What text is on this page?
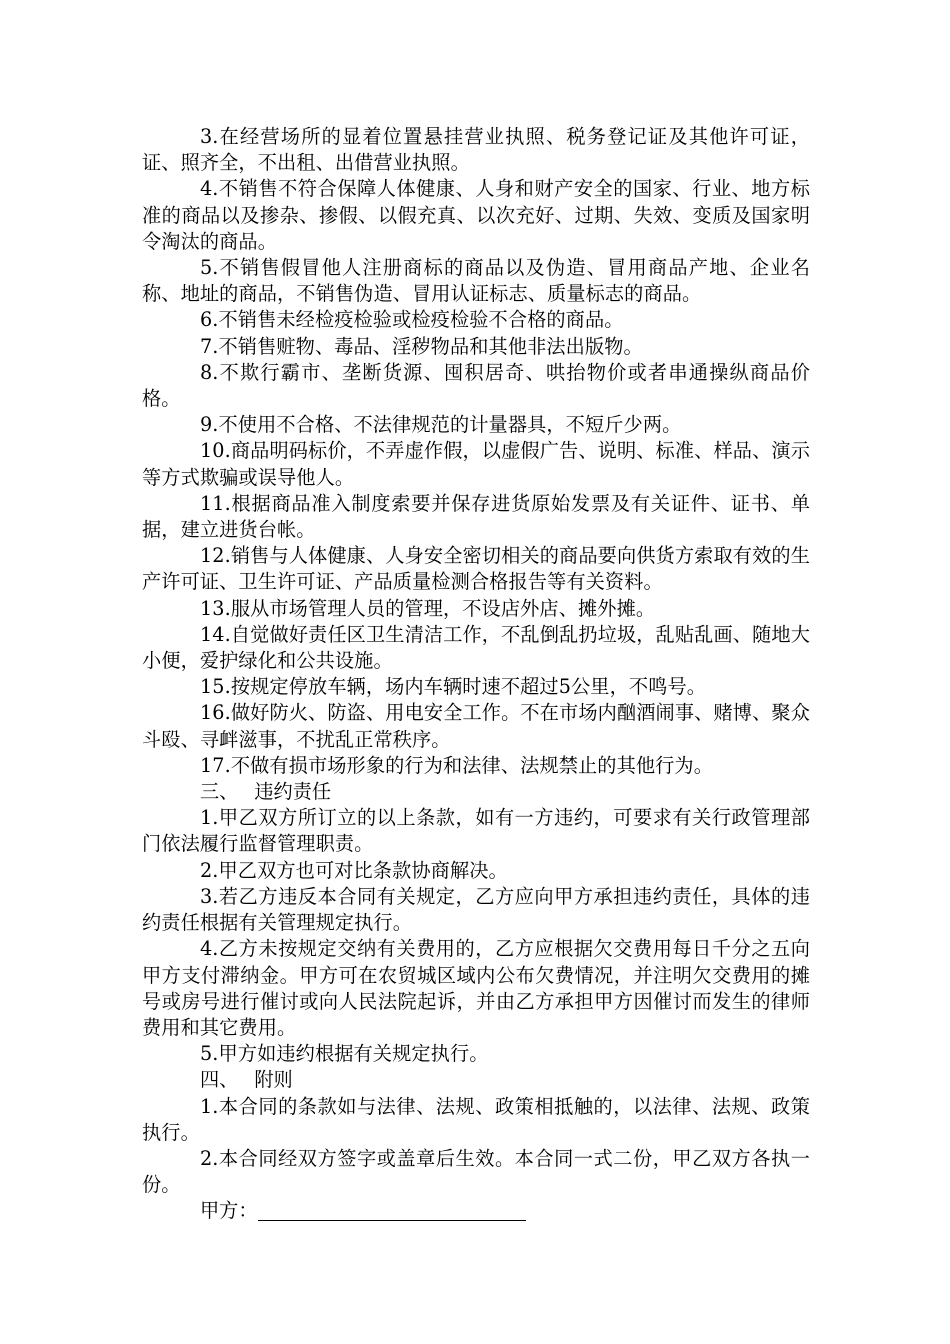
3.在经营场所的显着位置悬挂营业执照、税务登记证及其他许可证，证、照齐全，不出租、出借营业执照。

4.不销售不符合保障人体健康、人身和财产安全的国家、行业、地方标准的商品以及掺杂、掺假、以假充真、以次充好、过期、失效、变质及国家明令淘汰的商品。

5.不销售假冒他人注册商标的商品以及伪造、冒用商品产地、企业名称、地址的商品，不销售伪造、冒用认证标志、质量标志的商品。

6.不销售未经检疫检验或检疫检验不合格的商品。

7.不销售赃物、毒品、淫秽物品和其他非法出版物。

8.不欺行霸市、垄断货源、囤积居奇、哄抬物价或者串通操纵商品价格。

9.不使用不合格、不法律规范的计量器具，不短斤少两。

10.商品明码标价，不弄虚作假，以虚假广告、说明、标准、样品、演示等方式欺骗或误导他人。

11.根据商品准入制度索要并保存进货原始发票及有关证件、证书、单据，建立进货台帐。

12.销售与人体健康、人身安全密切相关的商品要向供货方索取有效的生产许可证、卫生许可证、产品质量检测合格报告等有关资料。

13.服从市场管理人员的管理，不设店外店、摊外摊。

14.自觉做好责任区卫生清洁工作，不乱倒乱扔垃圾，乱贴乱画、随地大小便，爱护绿化和公共设施。

15.按规定停放车辆，场内车辆时速不超过5公里，不鸣号。

16.做好防火、防盗、用电安全工作。不在市场内酗酒闹事、赌博、聚众斗殴、寻衅滋事，不扰乱正常秩序。

17.不做有损市场形象的行为和法律、法规禁止的其他行为。

三、 违约责任

1.甲乙双方所订立的以上条款，如有一方违约，可要求有关行政管理部门依法履行监督管理职责。

2.甲乙双方也可对比条款协商解决。

3.若乙方违反本合同有关规定，乙方应向甲方承担违约责任，具体的违约责任根据有关管理规定执行。

4.乙方未按规定交纳有关费用的，乙方应根据欠交费用每日千分之五向甲方支付滞纳金。甲方可在农贸城区域内公布欠费情况，并注明欠交费用的摊号或房号进行催讨或向人民法院起诉，并由乙方承担甲方因催讨而发生的律师费用和其它费用。

5.甲方如违约根据有关规定执行。

四、 附则

1.本合同的条款如与法律、法规、政策相抵触的，以法律、法规、政策执行。

2.本合同经双方签字或盖章后生效。本合同一式二份，甲乙双方各执一份。

甲方：
